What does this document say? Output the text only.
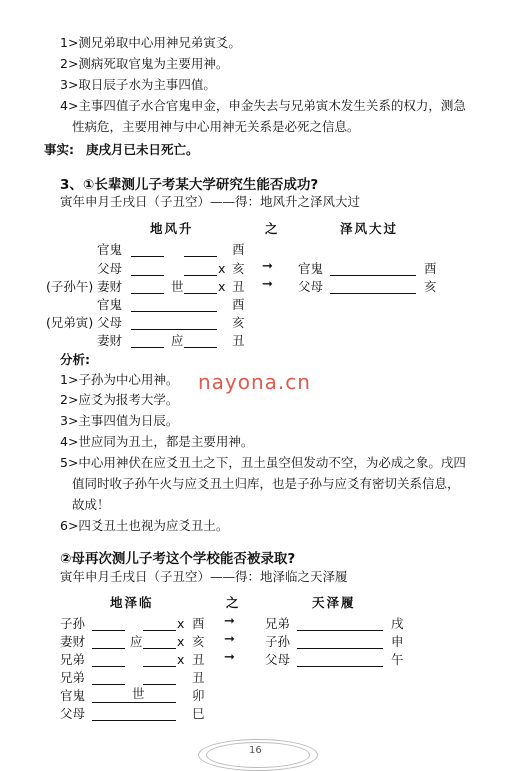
1>测兄弟取中心用神兄弟寅爻。
2>测病死取官鬼为主要用神。
3>取日辰子水为主事四值。
4>主事四值子水合官鬼申金，申金失去与兄弟寅木发生关系的权力，测急
性病危，主要用神与中心用神无关系是必死之信息。
事实: 庚戌月已未日死亡。
3、①长辈测儿子考某大学研究生能否成功?
寅年申月壬戌日（子丑空）——得：地风升之泽风大过
地风升	之	泽风大过
官鬼	酉
父母	x 亥
(子孙午) 妻财	世	x 丑
官鬼	酉
(兄弟寅) 父母	亥
妻财	应	丑
➞ 官鬼	酉
➞ 父母	亥
分析:
1>子孙为中心用神。
2>应爻为报考大学。
3>主事四值为日辰。
4>世应同为丑土，都是主要用神。
5>中心用神伏在应爻丑土之下，丑土虽空但发动不空，为必成之象。戌四
值同时收子孙午火与应爻丑土归库，也是子孙与应爻有密切关系信息，
故成！
6>四爻丑土也视为应爻丑土。
nayona.cn
②母再次测儿子考这个学校能否被录取?
寅年申月壬戌日（子丑空）——得：地泽临之天泽履
地泽临	之	天泽履
子孙	x 酉
妻财	应	x 亥
兄弟	x 丑
兄弟	丑
官鬼	世	卯
父母	巳
➞ 兄弟	戌
➞ 子孙	申
➞ 父母	午
16
